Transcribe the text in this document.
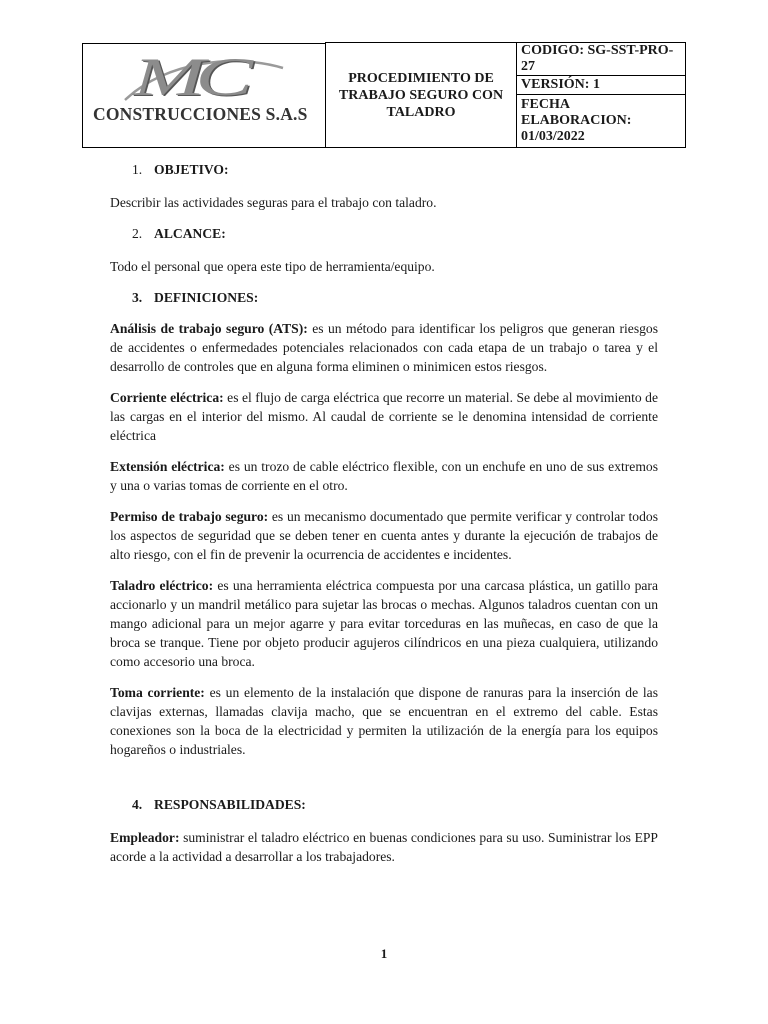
MC
CONSTRUCCIONES S.A.S
	PROCEDIMIENTO DE TRABAJO SEGURO CON TALADRO	CODIGO: SG-SST-PRO-27
VERSIÓN: 1

FECHA ELABORACION:
01/03/2022

1. OBJETIVO:

Describir las actividades seguras para el trabajo con taladro.

2. ALCANCE:

Todo el personal que opera este tipo de herramienta/equipo.

3. DEFINICIONES:

Análisis de trabajo seguro (ATS): es un método para identificar los peligros que generan riesgos de accidentes o enfermedades potenciales relacionados con cada etapa de un trabajo o tarea y el desarrollo de controles que en alguna forma eliminen o minimicen estos riesgos.

Corriente eléctrica: es el flujo de carga eléctrica que recorre un material. Se debe al movimiento de las cargas en el interior del mismo. Al caudal de corriente se le denomina intensidad de corriente eléctrica

Extensión eléctrica: es un trozo de cable eléctrico flexible, con un enchufe en uno de sus extremos y una o varias tomas de corriente en el otro.

Permiso de trabajo seguro: es un mecanismo documentado que permite verificar y controlar todos los aspectos de seguridad que se deben tener en cuenta antes y durante la ejecución de trabajos de alto riesgo, con el fin de prevenir la ocurrencia de accidentes e incidentes.

Taladro eléctrico: es una herramienta eléctrica compuesta por una carcasa plástica, un gatillo para accionarlo y un mandril metálico para sujetar las brocas o mechas. Algunos taladros cuentan con un mango adicional para un mejor agarre y para evitar torceduras en las muñecas, en caso de que la broca se tranque. Tiene por objeto producir agujeros cilíndricos en una pieza cualquiera, utilizando como accesorio una broca.

Toma corriente: es un elemento de la instalación que dispone de ranuras para la inserción de las clavijas externas, llamadas clavija macho, que se encuentran en el extremo del cable. Estas conexiones son la boca de la electricidad y permiten la utilización de la energía para los equipos hogareños o industriales.

4. RESPONSABILIDADES:

Empleador: suministrar el taladro eléctrico en buenas condiciones para su uso. Suministrar los EPP acorde a la actividad a desarrollar a los trabajadores.

1
